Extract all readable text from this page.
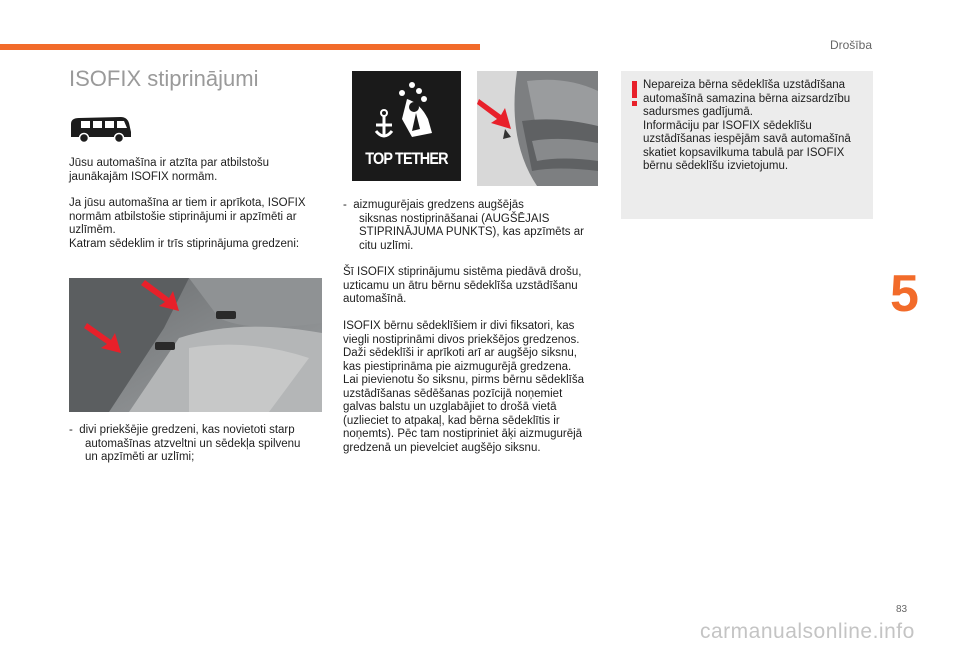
Drošība
ISOFIX stiprinājumi
Jūsu automašīna ir atzīta par atbilstošu
jaunākajām ISOFIX normām.
Ja jūsu automašīna ar tiem ir aprīkota, ISOFIX
normām atbilstošie stiprinājumi ir apzīmēti ar
uzlīmēm.
Katram sēdeklim ir trīs stiprinājuma gredzeni:
-  divi priekšējie gredzeni, kas novietoti starp
automašīnas atzveltni un sēdekļa spilvenu
un apzīmēti ar uzlīmi;
TOP TETHER
-  aizmugurējais gredzens augšējās
siksnas nostiprināšanai (AUGŠĒJAIS
STIPRINĀJUMA PUNKTS), kas apzīmēts ar
citu uzlīmi.
Šī ISOFIX stiprinājumu sistēma piedāvā drošu,
uzticamu un ātru bērnu sēdeklīša uzstādīšanu
automašīnā.
ISOFIX bērnu sēdeklīšiem ir divi fiksatori, kas
viegli nostiprināmi divos priekšējos gredzenos.
Daži sēdeklīši ir aprīkoti arī ar augšējo siksnu,
kas piestiprināma pie aizmugurējā gredzena.
Lai pievienotu šo siksnu, pirms bērnu sēdeklīša
uzstādīšanas sēdēšanas pozīcijā noņemiet
galvas balstu un uzglabājiet to drošā vietā
(uzlieciet to atpakaļ, kad bērna sēdeklītis ir
noņemts). Pēc tam nostipriniet āķi aizmugurējā
gredzenā un pievelciet augšējo siksnu.
Nepareiza bērna sēdeklīša uzstādīšana
automašīnā samazina bērna aizsardzību
sadursmes gadījumā.
Informāciju par ISOFIX sēdeklīšu
uzstādīšanas iespējām savā automašīnā
skatiet kopsavilkuma tabulā par ISOFIX
bērnu sēdeklīšu izvietojumu.
5
83
carmanualsonline.info
